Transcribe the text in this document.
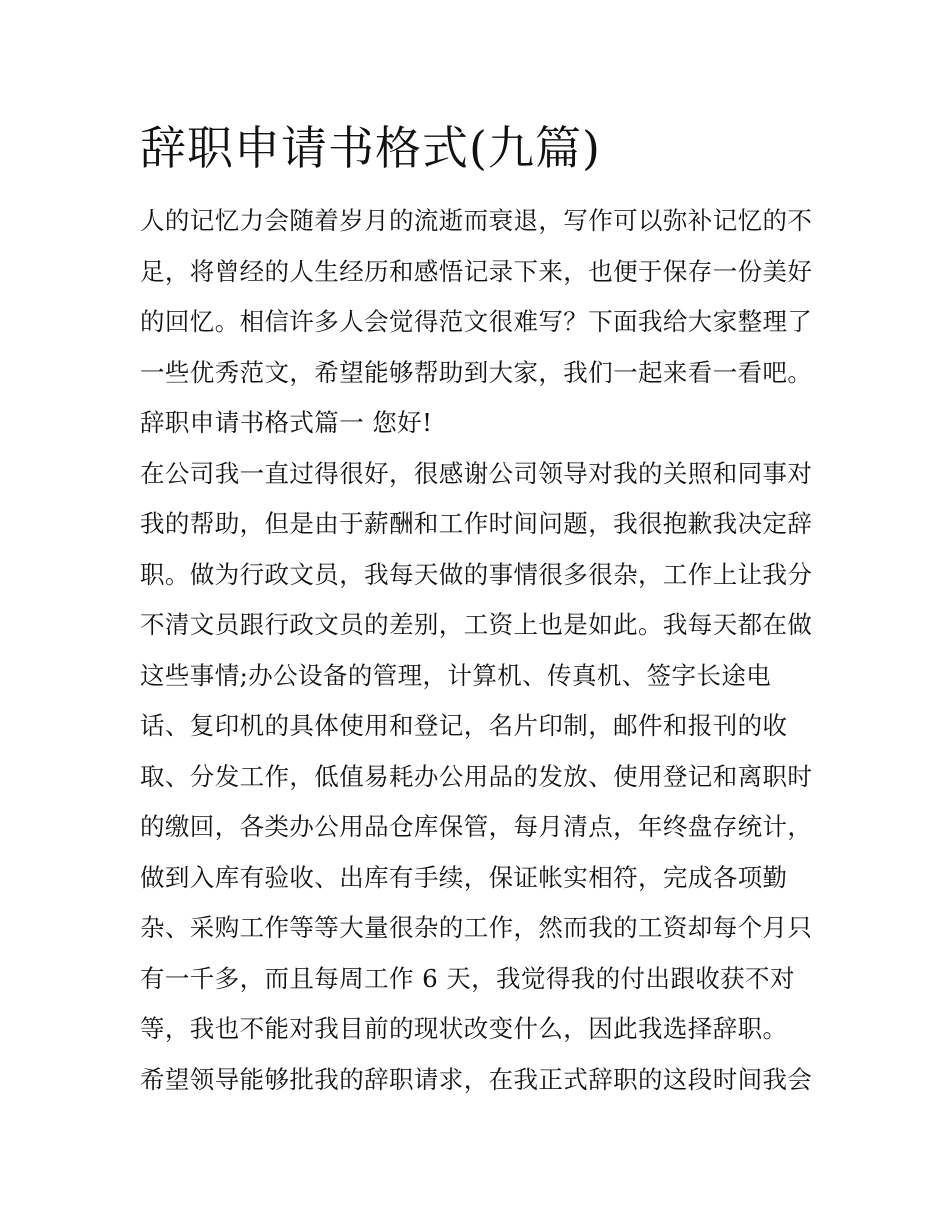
辞职申请书格式(九篇)
人的记忆力会随着岁月的流逝而衰退，写作可以弥补记忆的不
足，将曾经的人生经历和感悟记录下来，也便于保存一份美好
的回忆。相信许多人会觉得范文很难写？下面我给大家整理了
一些优秀范文，希望能够帮助到大家，我们一起来看一看吧。
辞职申请书格式篇一 您好!
在公司我一直过得很好，很感谢公司领导对我的关照和同事对
我的帮助，但是由于薪酬和工作时间问题，我很抱歉我决定辞
职。做为行政文员，我每天做的事情很多很杂，工作上让我分
不清文员跟行政文员的差别，工资上也是如此。我每天都在做
这些事情;办公设备的管理，计算机、传真机、签字长途电
话、复印机的具体使用和登记，名片印制，邮件和报刊的收
取、分发工作，低值易耗办公用品的发放、使用登记和离职时
的缴回，各类办公用品仓库保管，每月清点，年终盘存统计，
做到入库有验收、出库有手续，保证帐实相符，完成各项勤
杂、采购工作等等大量很杂的工作，然而我的工资却每个月只
有一千多，而且每周工作 6 天，我觉得我的付出跟收获不对
等，我也不能对我目前的现状改变什么，因此我选择辞职。
希望领导能够批我的辞职请求，在我正式辞职的这段时间我会
